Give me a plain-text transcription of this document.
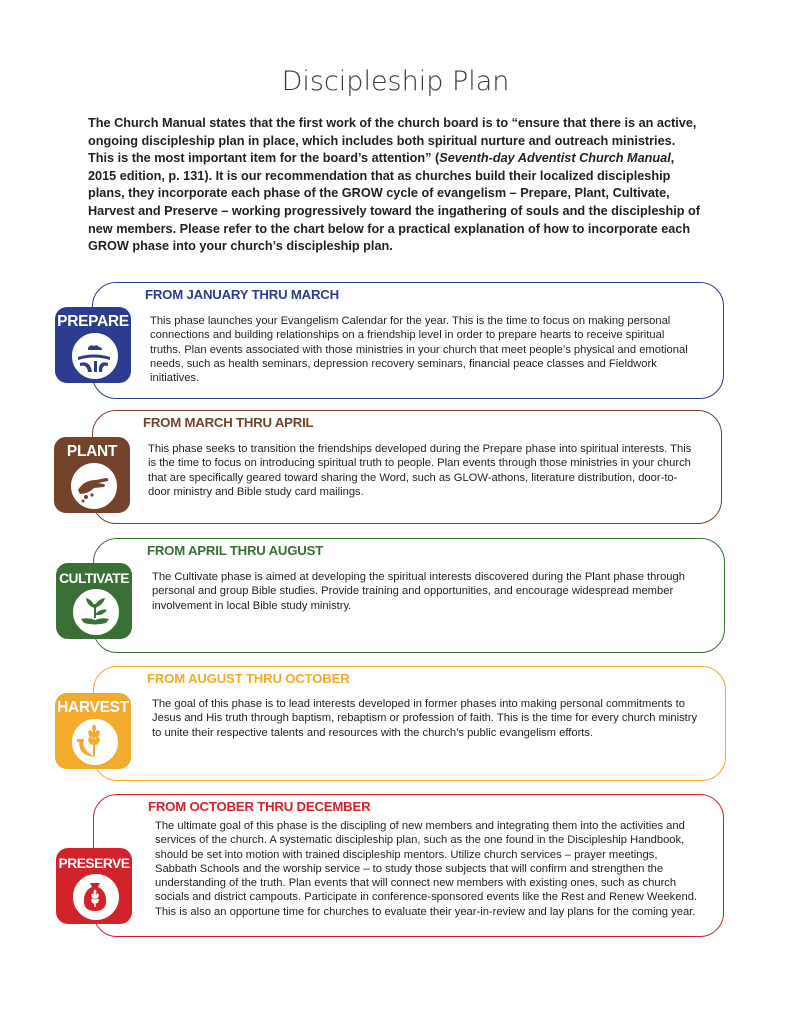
Discipleship Plan
The Church Manual states that the first work of the church board is to “ensure that there is an active, ongoing discipleship plan in place, which includes both spiritual nurture and outreach ministries. This is the most important item for the board’s attention” (Seventh-day Adventist Church Manual, 2015 edition, p. 131). It is our recommendation that as churches build their localized discipleship plans, they incorporate each phase of the GROW cycle of evangelism – Prepare, Plant, Cultivate, Harvest and Preserve – working progressively toward the ingathering of souls and the discipleship of new members. Please refer to the chart below for a practical explanation of how to incorporate each GROW phase into your church’s discipleship plan.
FROM JANUARY THRU MARCH
This phase launches your Evangelism Calendar for the year. This is the time to focus on making personal connections and building relationships on a friendship level in order to prepare hearts to receive spiritual truths. Plan events associated with those ministries in your church that meet people’s physical and emotional needs, such as health seminars, depression recovery seminars, financial peace classes and Fieldwork initiatives.
PREPARE
FROM MARCH THRU APRIL
This phase seeks to transition the friendships developed during the Prepare phase into spiritual interests. This is the time to focus on introducing spiritual truth to people. Plan events through those ministries in your church that are specifically geared toward sharing the Word, such as GLOW-athons, literature distribution, door-to-door ministry and Bible study card mailings.
PLANT
FROM APRIL THRU AUGUST
The Cultivate phase is aimed at developing the spiritual interests discovered during the Plant phase through personal and group Bible studies. Provide training and opportunities, and encourage widespread member involvement in local Bible study ministry.
CULTIVATE
FROM AUGUST THRU OCTOBER
The goal of this phase is to lead interests developed in former phases into making personal commitments to Jesus and His truth through baptism, rebaptism or profession of faith. This is the time for every church ministry to unite their respective talents and resources with the church’s public evangelism efforts.
HARVEST
FROM OCTOBER THRU DECEMBER
The ultimate goal of this phase is the discipling of new members and integrating them into the activities and services of the church. A systematic discipleship plan, such as the one found in the Discipleship Handbook, should be set into motion with trained discipleship mentors. Utilize church services – prayer meetings, Sabbath Schools and the worship service – to study those subjects that will confirm and strengthen the understanding of the truth. Plan events that will connect new members with existing ones, such as church socials and district campouts. Participate in conference-sponsored events like the Rest and Renew Weekend. This is also an opportune time for churches to evaluate their year-in-review and lay plans for the coming year.
PRESERVE
